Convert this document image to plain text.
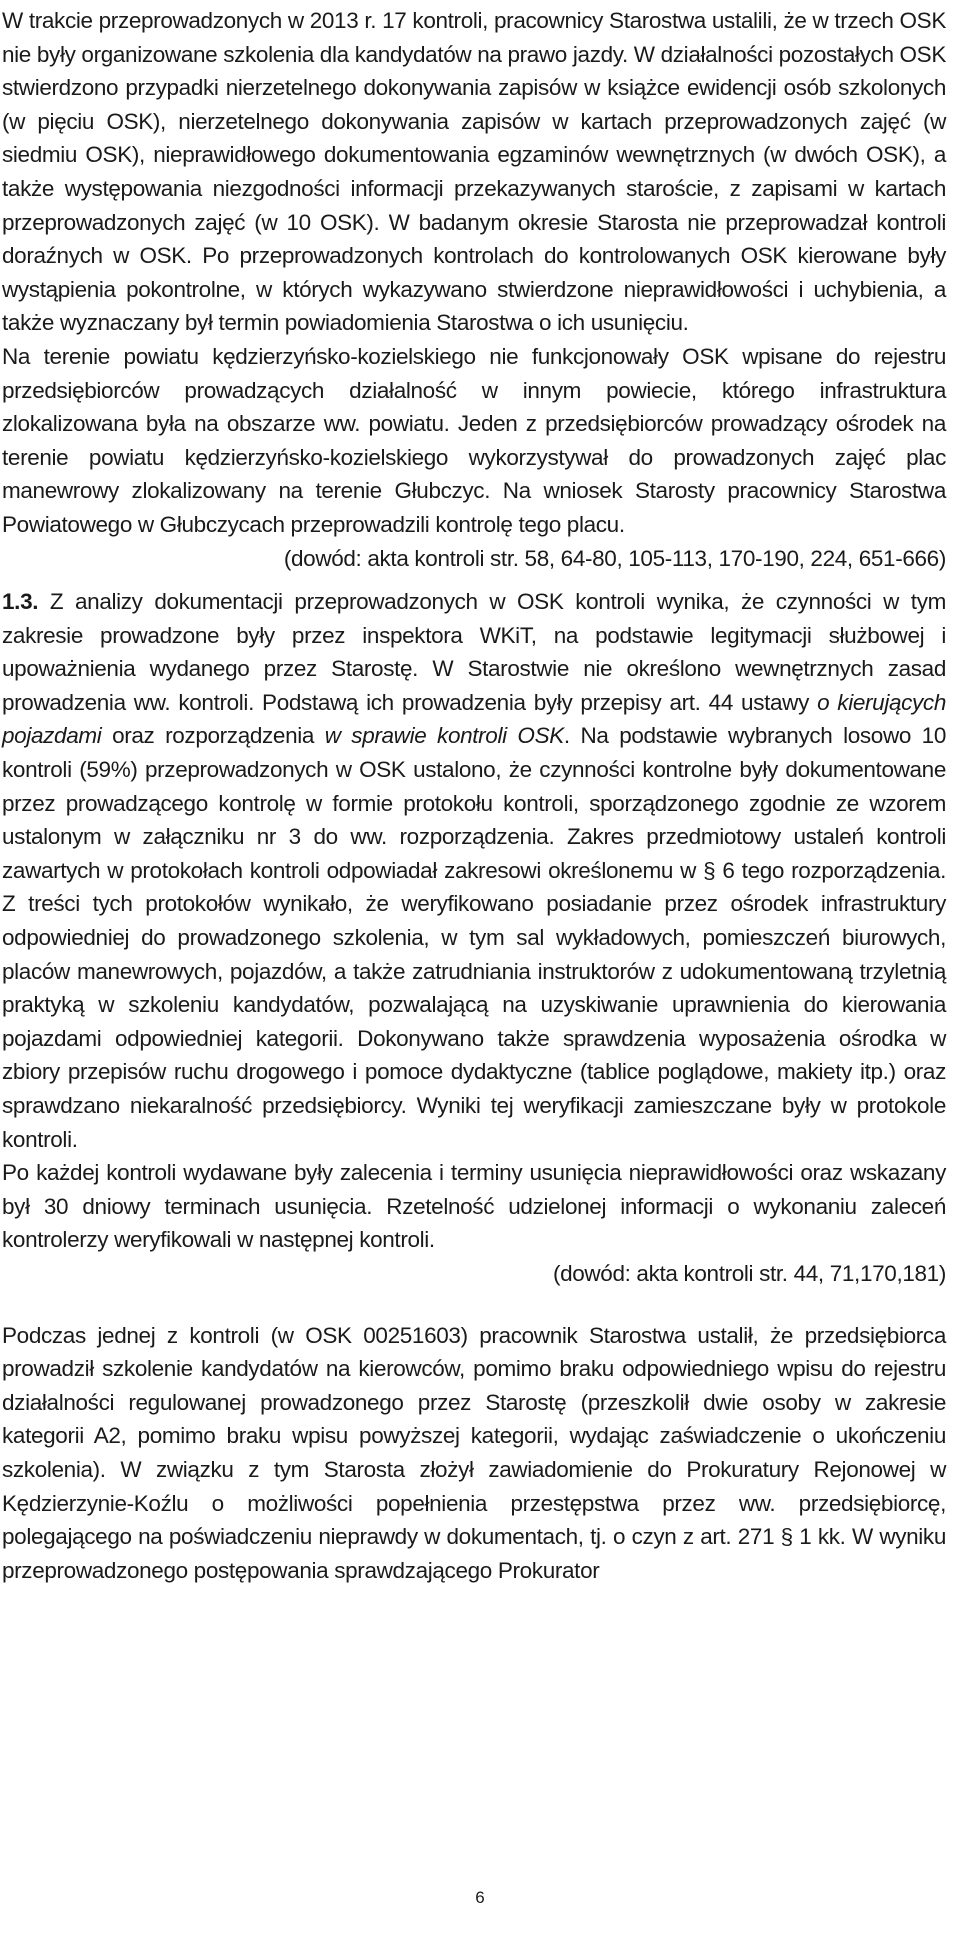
W trakcie przeprowadzonych w 2013 r. 17 kontroli, pracownicy Starostwa ustalili, że w trzech OSK nie były organizowane szkolenia dla kandydatów na prawo jazdy. W działalności pozostałych OSK stwierdzono przypadki nierzetelnego dokonywania zapisów w książce ewidencji osób szkolonych (w pięciu OSK), nierzetelnego dokonywania zapisów w kartach przeprowadzonych zajęć (w siedmiu OSK), nieprawidłowego dokumentowania egzaminów wewnętrznych (w dwóch OSK), a także występowania niezgodności informacji przekazywanych staroście, z zapisami w kartach przeprowadzonych zajęć (w 10 OSK). W badanym okresie Starosta nie przeprowadzał kontroli doraźnych w OSK. Po przeprowadzonych kontrolach do kontrolowanych OSK kierowane były wystąpienia pokontrolne, w których wykazywano stwierdzone nieprawidłowości i uchybienia, a także wyznaczany był termin powiadomienia Starostwa o ich usunięciu.

Na terenie powiatu kędzierzyńsko-kozielskiego nie funkcjonowały OSK wpisane do rejestru przedsiębiorców prowadzących działalność w innym powiecie, którego infrastruktura zlokalizowana była na obszarze ww. powiatu. Jeden z przedsiębiorców prowadzący ośrodek na terenie powiatu kędzierzyńsko-kozielskiego wykorzystywał do prowadzonych zajęć plac manewrowy zlokalizowany na terenie Głubczyc. Na wniosek Starosty pracownicy Starostwa Powiatowego w Głubczycach przeprowadzili kontrolę tego placu.

(dowód: akta kontroli str. 58, 64-80, 105-113, 170-190, 224, 651-666)

1.3. Z analizy dokumentacji przeprowadzonych w OSK kontroli wynika, że czynności w tym zakresie prowadzone były przez inspektora WKiT, na podstawie legitymacji służbowej i upoważnienia wydanego przez Starostę. W Starostwie nie określono wewnętrznych zasad prowadzenia ww. kontroli. Podstawą ich prowadzenia były przepisy art. 44 ustawy o kierujących pojazdami oraz rozporządzenia w sprawie kontroli OSK. Na podstawie wybranych losowo 10 kontroli (59%) przeprowadzonych w OSK ustalono, że czynności kontrolne były dokumentowane przez prowadzącego kontrolę w formie protokołu kontroli, sporządzonego zgodnie ze wzorem ustalonym w załączniku nr 3 do ww. rozporządzenia. Zakres przedmiotowy ustaleń kontroli zawartych w protokołach kontroli odpowiadał zakresowi określonemu w § 6 tego rozporządzenia. Z treści tych protokołów wynikało, że weryfikowano posiadanie przez ośrodek infrastruktury odpowiedniej do prowadzonego szkolenia, w tym sal wykładowych, pomieszczeń biurowych, placów manewrowych, pojazdów, a także zatrudniania instruktorów z udokumentowaną trzyletnią praktyką w szkoleniu kandydatów, pozwalającą na uzyskiwanie uprawnienia do kierowania pojazdami odpowiedniej kategorii. Dokonywano także sprawdzenia wyposażenia ośrodka w zbiory przepisów ruchu drogowego i pomoce dydaktyczne (tablice poglądowe, makiety itp.) oraz sprawdzano niekaralność przedsiębiorcy. Wyniki tej weryfikacji zamieszczane były w protokole kontroli.

Po każdej kontroli wydawane były zalecenia i terminy usunięcia nieprawidłowości oraz wskazany był 30 dniowy terminach usunięcia. Rzetelność udzielonej informacji o wykonaniu zaleceń kontrolerzy weryfikowali w następnej kontroli.

(dowód: akta kontroli str. 44, 71,170,181)

Podczas jednej z kontroli (w OSK 00251603) pracownik Starostwa ustalił, że przedsiębiorca prowadził szkolenie kandydatów na kierowców, pomimo braku odpowiedniego wpisu do rejestru działalności regulowanej prowadzonego przez Starostę (przeszkolił dwie osoby w zakresie kategorii A2, pomimo braku wpisu powyższej kategorii, wydając zaświadczenie o ukończeniu szkolenia). W związku z tym Starosta złożył zawiadomienie do Prokuratury Rejonowej w Kędzierzynie-Koźlu o możliwości popełnienia przestępstwa przez ww. przedsiębiorcę, polegającego na poświadczeniu nieprawdy w dokumentach, tj. o czyn z art. 271 § 1 kk. W wyniku przeprowadzonego postępowania sprawdzającego Prokurator

6
